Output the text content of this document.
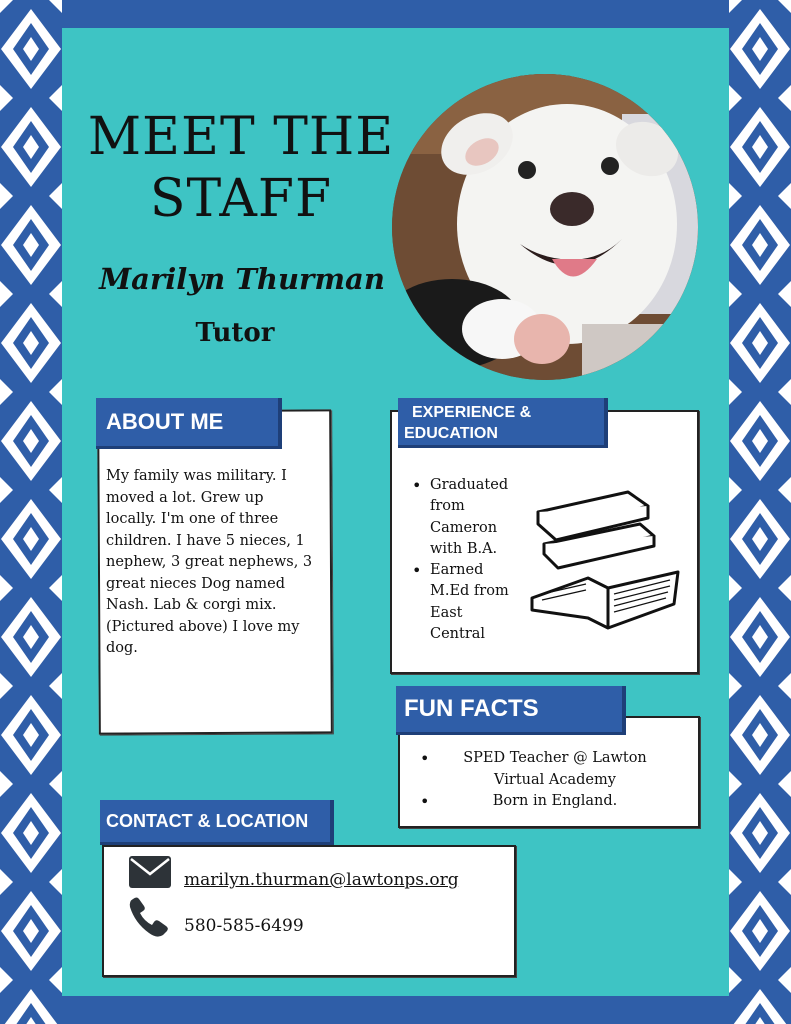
MEET THE
STAFF
Marilyn Thurman
Tutor
ABOUT ME
My family was military. I moved a lot. Grew up locally. I'm one of three children. I have 5 nieces, 1 nephew, 3 great nephews, 3 great nieces Dog named Nash. Lab & corgi mix. (Pictured above) I love my dog.
EXPERIENCE &
EDUCATION
• Graduated from Cameron with B.A.
• Earned M.Ed from East Central
FUN FACTS
• SPED Teacher @ Lawton Virtual Academy
• Born in England.
CONTACT & LOCATION
marilyn.thurman@lawtonps.org
580-585-6499
